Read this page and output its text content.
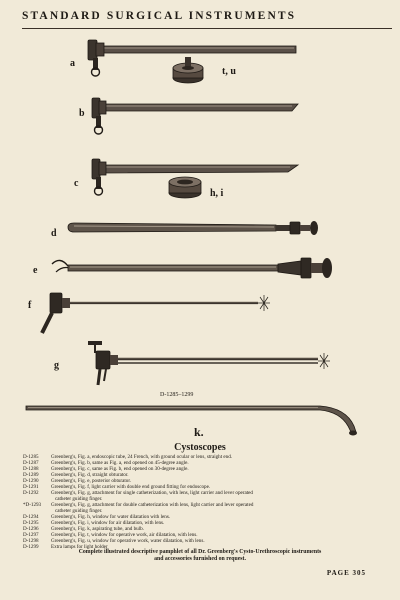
STANDARD SURGICAL INSTRUMENTS
a
t, u
b
c
h, i
d
e
f
g
D-1285–1299
k.
Cystoscopes
D-1285	Greenberg's, Fig. a, endoscopic tube, 24 French, with ground ocular or lens, straight end.
D-1287	Greenberg's, Fig. b, same as Fig. a, end opened on 45-degree angle.
D-1288	Greenberg's, Fig. c, same as Fig. b, end opened on 30-degree angle.
D-1289	Greenberg's, Fig. d, straight obturator.
D-1290	Greenberg's, Fig. e, posterior obturator.
D-1291	Greenberg's, Fig. f, light carrier with double end ground fitting for endoscope.
D-1292	Greenberg's, Fig. g, attachment for single catheterization, with lens, light carrier and lever operated
catheter guiding finger.
*D-1293	Greenberg's, Fig. g, attachment for double catheterization with lens, light carrier and lever operated
catheter guiding finger.
D-1294	Greenberg's, Fig. h, window for water dilatation with lens.
D-1295	Greenberg's, Fig. i, window for air dilatation, with lens.
D-1296	Greenberg's, Fig. k, aspirating tube, and bulb.
D-1297	Greenberg's, Fig. t, window for operative work, air dilatation, with lens.
D-1298	Greenberg's, Fig. u, window for operative work, water dilatation, with lens.
D-1299	Extra lamps for light holder
Complete illustrated descriptive pamphlet of all Dr. Greenberg's Cysto-Urethroscopic instruments
and accessories furnished on request.
PAGE 305
